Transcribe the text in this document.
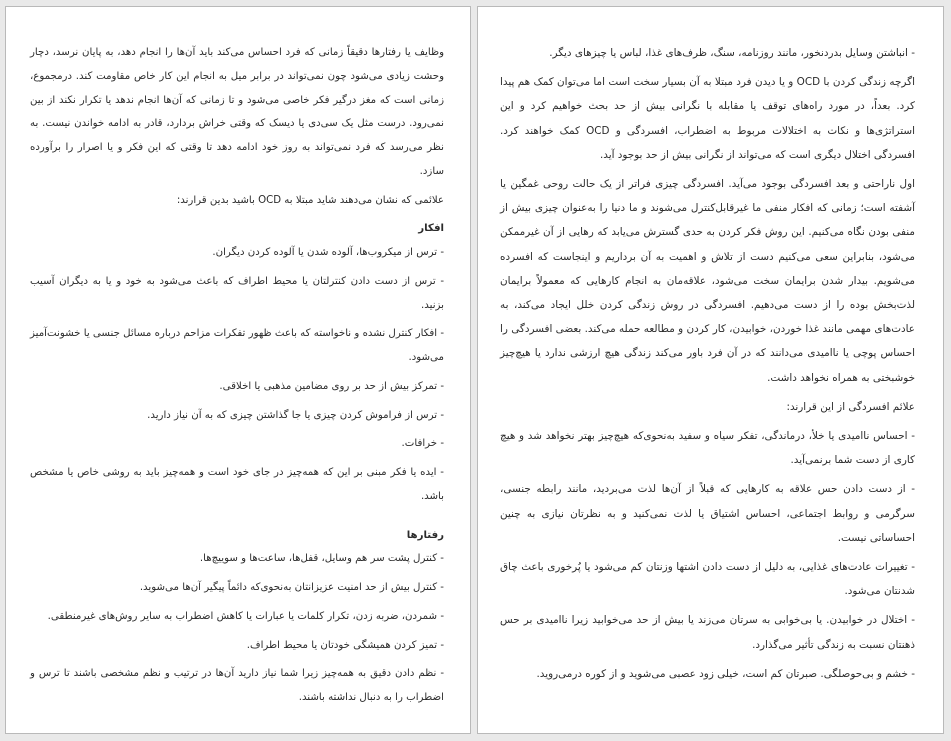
وظایف یا رفتارها دقیقاً زمانی که فرد احساس می‌کند باید آن‌ها را انجام دهد، به پایان نرسد، دچار وحشت زیادی می‌شود چون نمی‌تواند در برابر میل به انجام این کار خاص مقاومت کند. درمجموع، زمانی است که مغز درگیر فکر خاصی می‌شود و تا زمانی که آن‌ها انجام ندهد یا تکرار نکند از بین نمی‌رود. درست مثل یک سی‌دی یا دیسک که وقتی خراش بردارد، قادر به ادامه خواندن نیست. به نظر می‌رسد که فرد نمی‌تواند به روز خود ادامه دهد تا وقتی که این فکر و یا اصرار را برآورده سازد.

علائمی که نشان می‌دهند شاید مبتلا به OCD باشید بدین قرارند:

افکار

- ترس از میکروب‌ها، آلوده شدن یا آلوده کردن دیگران.

- ترس از دست دادن کنترلتان یا محیط اطراف که باعث می‌شود به خود و یا به دیگران آسیب بزنید.

- افکار کنترل نشده و ناخواسته که باعث ظهور تفکرات مزاحم درباره مسائل جنسی یا خشونت‌آمیز می‌شود.

- تمرکز بیش از حد بر روی مضامین مذهبی یا اخلاقی.

- ترس از فراموش کردن چیزی یا جا گذاشتن چیزی که به آن نیاز دارید.

- خرافات.

- ایده یا فکر مبنی بر این که همه‌چیز در جای خود است و همه‌چیز باید به روشی خاص یا مشخص باشد.

رفتارها

- کنترل پشت سر هم وسایل، قفل‌ها، ساعت‌ها و سوییچ‌ها.

- کنترل بیش از حد امنیت عزیزانتان به‌نحوی‌که دائماً پیگیر آن‌ها می‌شوید.

- شمردن، ضربه زدن، تکرار کلمات یا عبارات یا کاهش اضطراب به سایر روش‌های غیرمنطقی.

- تمیز کردن همیشگی خودتان یا محیط اطراف.

- نظم دادن دقیق به همه‌چیز زیرا شما نیاز دارید آن‌ها در ترتیب و نظم مشخصی باشند تا ترس و اضطراب را به دنبال نداشته باشند.

- انباشتن وسایل بدردنخور، مانند روزنامه، سنگ، ظرف‌های غذا، لباس یا چیزهای دیگر.

اگرچه زندگی کردن با OCD و یا دیدن فرد مبتلا به آن بسیار سخت است اما می‌توان کمک هم پیدا کرد. بعداً، در مورد راه‌های توقف یا مقابله با نگرانی بیش از حد بحث خواهیم کرد و این استراتژی‌ها و نکات به اختلالات مربوط به اضطراب، افسردگی و OCD کمک خواهند کرد. افسردگی اختلال دیگری است که می‌تواند از نگرانی بیش از حد بوجود آید.

اول ناراحتی و بعد افسردگی بوجود می‌آید. افسردگی چیزی فراتر از یک حالت روحی غمگین یا آشفته است؛ زمانی که افکار منفی ما غیرقابل‌کنترل می‌شوند و ما دنیا را به‌عنوان چیزی بیش از منفی بودن نگاه می‌کنیم. این روش فکر کردن به حدی گسترش می‌یابد که رهایی از آن غیرممکن می‌شود، بنابراین سعی می‌کنیم دست از تلاش و اهمیت به آن برداریم و اینجاست که افسرده می‌شویم. بیدار شدن برایمان سخت می‌شود، علاقه‌مان به انجام کارهایی که معمولاً برایمان لذت‌بخش بوده را از دست می‌دهیم. افسردگی در روش زندگی کردن خلل ایجاد می‌کند، به عادت‌های مهمی مانند غذا خوردن، خوابیدن، کار کردن و مطالعه حمله می‌کند. بعضی افسردگی را احساس پوچی یا ناامیدی می‌دانند که در آن فرد باور می‌کند زندگی هیچ ارزشی ندارد یا هیچ‌چیز خوشبختی به همراه نخواهد داشت.

علائم افسردگی از این قرارند:

- احساس ناامیدی یا خلأ، درماندگی، تفکر سیاه و سفید به‌نحوی‌که هیچ‌چیز بهتر نخواهد شد و هیچ کاری از دست شما برنمی‌آید.

- از دست دادن حس علاقه به کارهایی که قبلاً از آن‌ها لذت می‌بردید، مانند رابطه جنسی، سرگرمی و روابط اجتماعی، احساس اشتیاق یا لذت نمی‌کنید و به نظرتان نیازی به چنین احساساتی نیست.

- تغییرات عادت‌های غذایی، به دلیل از دست دادن اشتها وزنتان کم می‌شود یا پُرخوری باعث چاق شدنتان می‌شود.

- اختلال در خوابیدن. یا بی‌خوابی به سرتان می‌زند یا بیش از حد می‌خوابید زیرا ناامیدی بر حس ذهنتان نسبت به زندگی تأثیر می‌گذارد.

- خشم و بی‌حوصلگی. صبرتان کم است، خیلی زود عصبی می‌شوید و از کوره درمی‌روید.
